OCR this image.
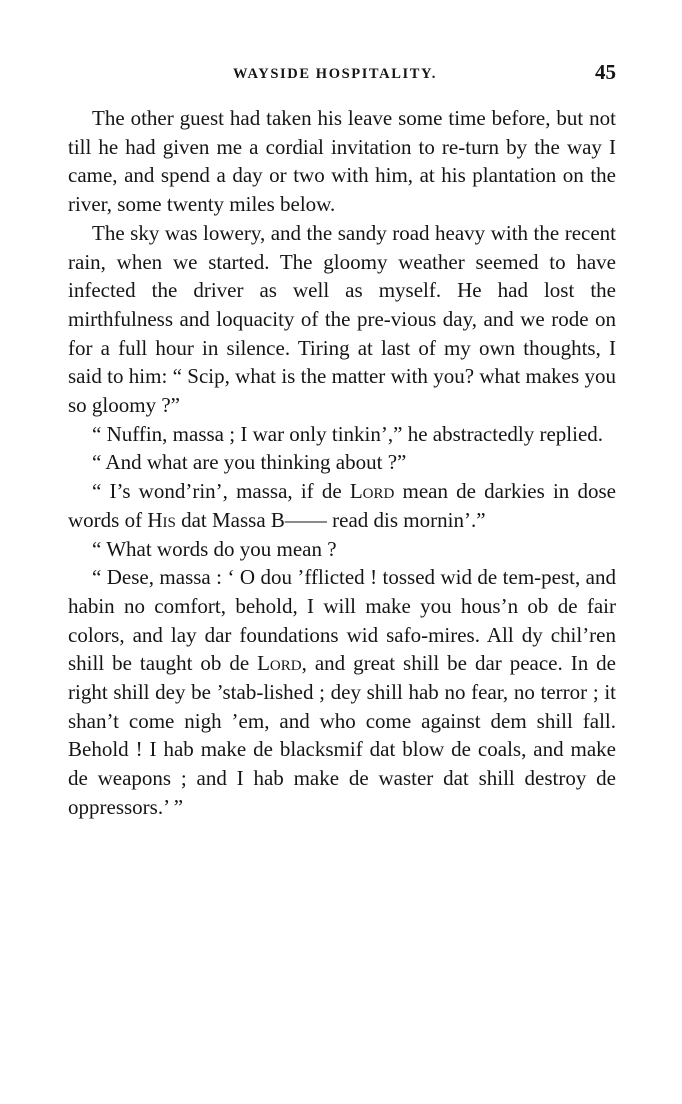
WAYSIDE HOSPITALITY.	45

The other guest had taken his leave some time before, but not till he had given me a cordial invitation to re-turn by the way I came, and spend a day or two with him, at his plantation on the river, some twenty miles below.

The sky was lowery, and the sandy road heavy with the recent rain, when we started. The gloomy weather seemed to have infected the driver as well as myself. He had lost the mirthfulness and loquacity of the pre-vious day, and we rode on for a full hour in silence. Tiring at last of my own thoughts, I said to him: “ Scip, what is the matter with you? what makes you so gloomy ?”

“ Nuffin, massa ; I war only tinkin’,” he abstractedly replied.

“ And what are you thinking about ?”

“ I’s wond’rin’, massa, if de Lord mean de darkies in dose words of His dat Massa B—— read dis mornin’.”

“ What words do you mean ?

“ Dese, massa : ‘ O dou ’fflicted ! tossed wid de tem-pest, and habin no comfort, behold, I will make you hous’n ob de fair colors, and lay dar foundations wid safo-mires. All dy chil’ren shill be taught ob de Lord, and great shill be dar peace. In de right shill dey be ’stab-lished ; dey shill hab no fear, no terror ; it shan’t come nigh ’em, and who come against dem shill fall. Behold ! I hab make de blacksmif dat blow de coals, and make de weapons ; and I hab make de waster dat shill destroy de oppressors.’ ”
